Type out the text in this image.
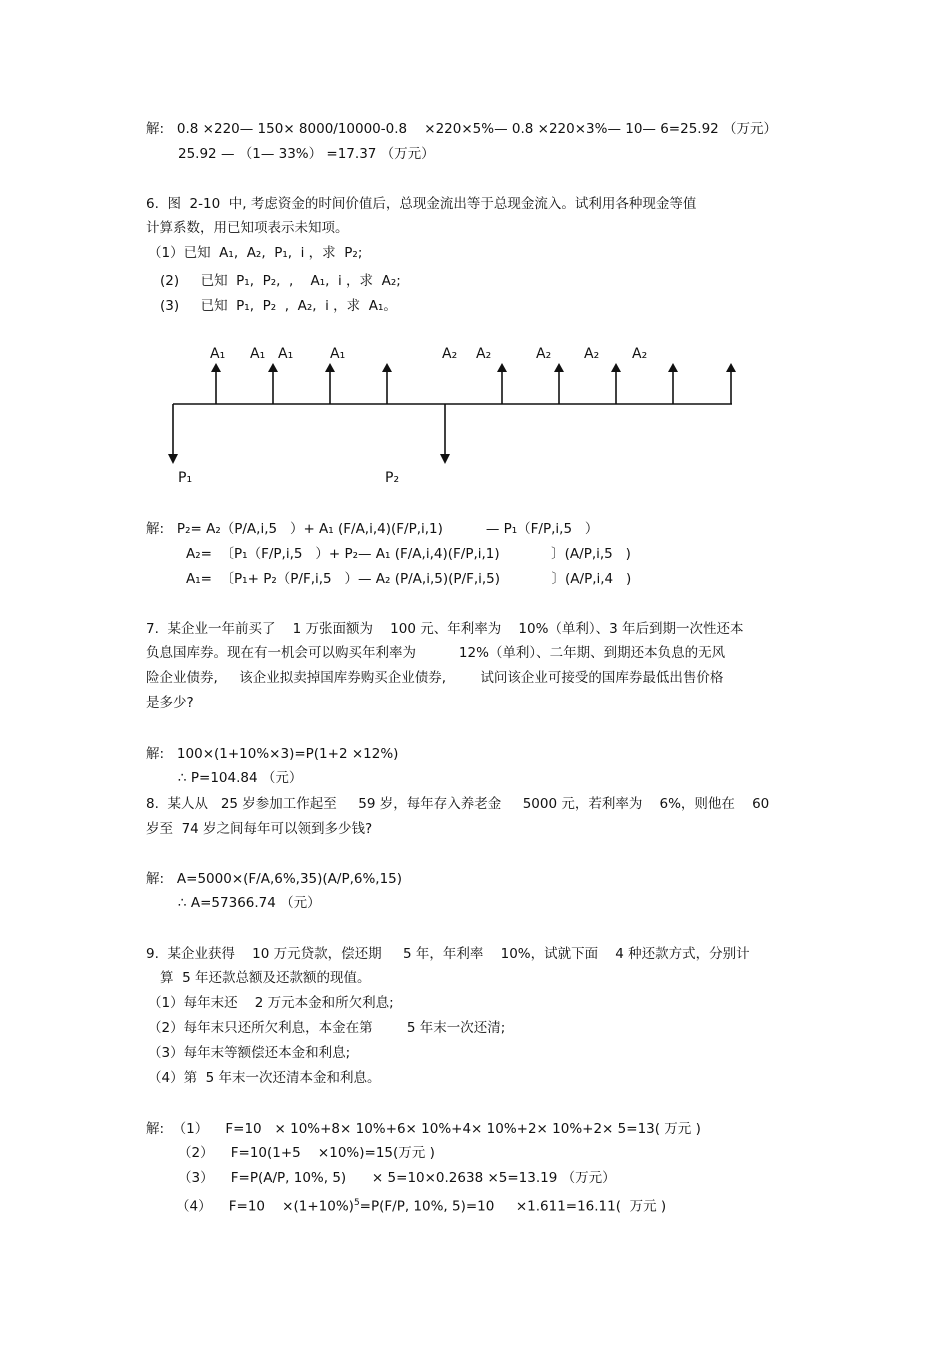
解:   0.8 ×220— 150× 8000/10000-0.8    ×220×5%— 0.8 ×220×3%— 10— 6=25.92 （万元）
25.92 — （1— 33%） =17.37 （万元）
6.  图  2-10  中, 考虑资金的时间价值后，总现金流出等于总现金流入。试利用各种现金等值
计算系数，用已知项表示未知项。
（1）已知  A₁,  A₂,  P₁,  i ，求  P₂;
(2)     已知  P₁,  P₂,  ,    A₁,  i ，求  A₂;
(3)     已知  P₁,  P₂  ,  A₂,  i ，求  A₁。
A₁ A₁ A₁	A₁	A₂ A₂	A₂ A₂ A₂
P₁	P₂
解:   P₂= A₂（P/A,i,5   ）+ A₁ (F/A,i,4)(F/P,i,1)          — P₁（F/P,i,5   ）
A₂=  〔P₁（F/P,i,5   ）+ P₂— A₁ (F/A,i,4)(F/P,i,1)            〕(A/P,i,5   )
A₁=  〔P₁+ P₂（P/F,i,5   ）— A₂ (P/A,i,5)(P/F,i,5)            〕(A/P,i,4   )
7.  某企业一年前买了    1 万张面额为    100 元、年利率为    10%（单利）、3 年后到期一次性还本
负息国库券。现在有一机会可以购买年利率为          12%（单利）、二年期、到期还本负息的无风
险企业债券,     该企业拟卖掉国库券购买企业债券,        试问该企业可接受的国库券最低出售价格
是多少?
解:   100×(1+10%×3)=P(1+2 ×12%)
∴ P=104.84 （元）
8.  某人从   25 岁参加工作起至     59 岁，每年存入养老金     5000 元，若利率为    6%，则他在    60
岁至  74 岁之间每年可以领到多少钱?
解:   A=5000×(F/A,6%,35)(A/P,6%,15)
∴ A=57366.74 （元）
9.  某企业获得    10 万元贷款，偿还期     5 年，年利率    10%，试就下面    4 种还款方式，分别计
算  5 年还款总额及还款额的现值。
（1）每年末还    2 万元本金和所欠利息;
（2）每年末只还所欠利息，本金在第        5 年末一次还清;
（3）每年末等额偿还本金和利息;
（4）第  5 年末一次还清本金和利息。
解:  （1）    F=10   × 10%+8× 10%+6× 10%+4× 10%+2× 10%+2× 5=13( 万元 )
（2）    F=10(1+5    ×10%)=15(万元 )
（3）    F=P(A/P, 10%, 5)      × 5=10×0.2638 ×5=13.19 （万元）
（4）    F=10    $\times(1+10\%)^5=P(F/P$, 10%, 5)=10     ×1.611=16.11(  万元 )
